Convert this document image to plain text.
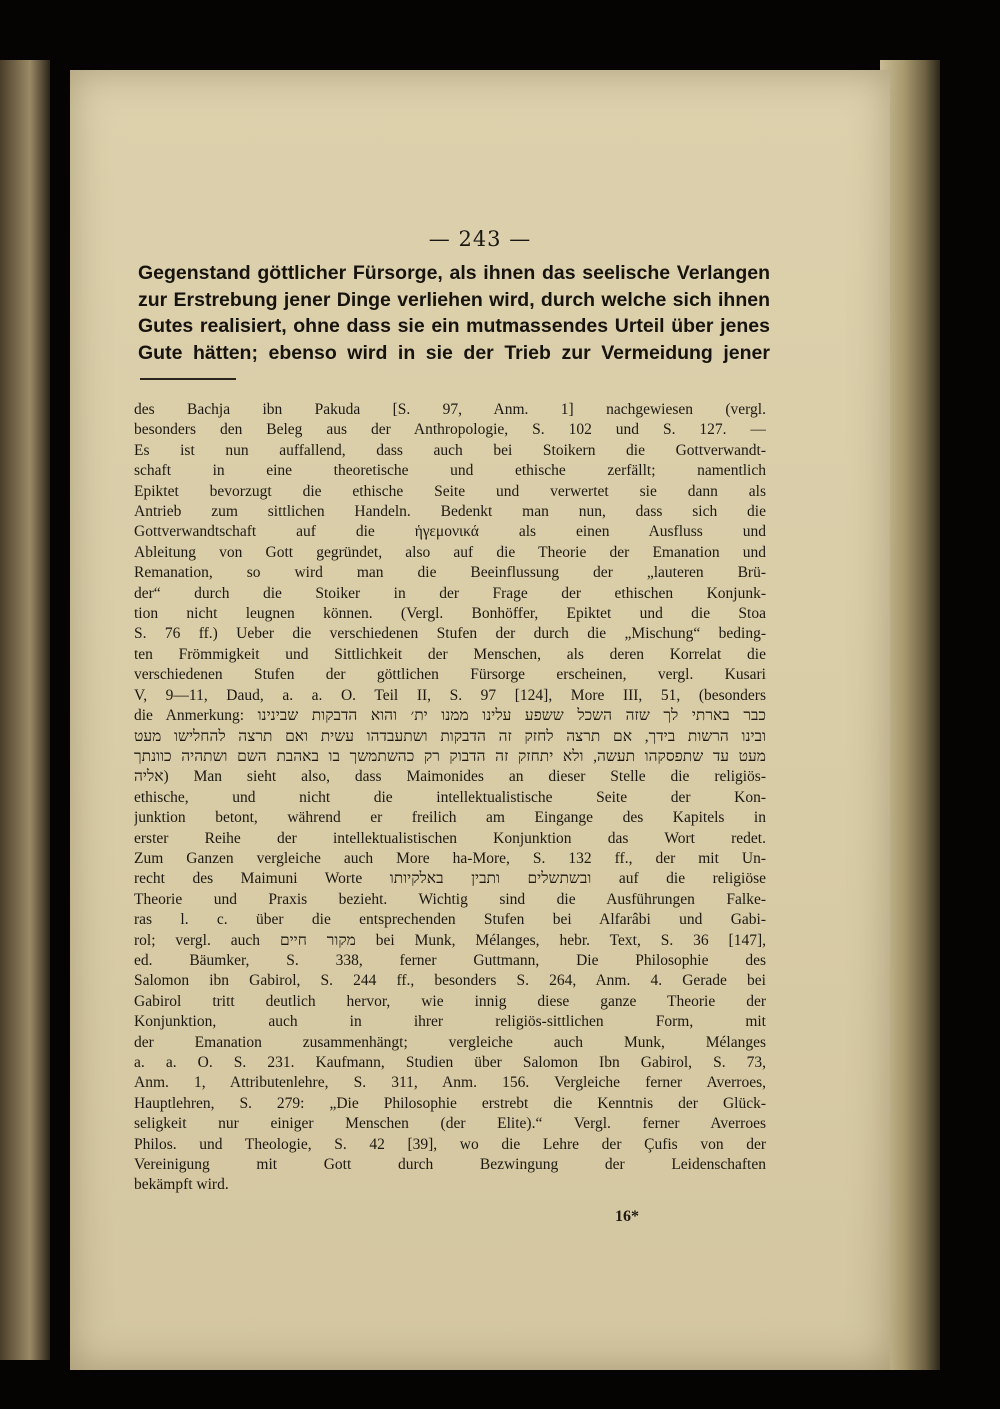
— 243 —
Gegenstand göttlicher Fürsorge, als ihnen das seelische Verlangen
zur Erstrebung jener Dinge verliehen wird, durch welche sich ihnen
Gutes realisiert, ohne dass sie ein mutmassendes Urteil über jenes
Gute hätten; ebenso wird in sie der Trieb zur Vermeidung jener
des Bachja ibn Pakuda [S. 97, Anm. 1] nachgewiesen (vergl.
besonders den Beleg aus der Anthropologie, S. 102 und S. 127. —
Es ist nun auffallend, dass auch bei Stoikern die Gottverwandt-
schaft in eine theoretische und ethische zerfällt; namentlich
Epiktet bevorzugt die ethische Seite und verwertet sie dann als
Antrieb zum sittlichen Handeln. Bedenkt man nun, dass sich die
Gottverwandtschaft auf die ἡγεμονικά als einen Ausfluss und
Ableitung von Gott gegründet, also auf die Theorie der Emanation und
Remanation, so wird man die Beeinflussung der „lauteren Brü-
der“ durch die Stoiker in der Frage der ethischen Konjunk-
tion nicht leugnen können. (Vergl. Bonhöffer, Epiktet und die Stoa
S. 76 ff.) Ueber die verschiedenen Stufen der durch die „Mischung“ beding-
ten Frömmigkeit und Sittlichkeit der Menschen, als deren Korrelat die
verschiedenen Stufen der göttlichen Fürsorge erscheinen, vergl. Kusari
V, 9—11, Daud, a. a. O. Teil II, S. 97 [124], More III, 51, (besonders
die Anmerkung: כבר בארתי לך שזה השכל ששפע עלינו ממנו ית׳ והוא הדבקות שבינינו
ובינו הרשות בידך, אם תרצה לחזק זה הדבקות ושתעבדהו עשית ואם תרצה להחלישו מעט
מעט עד שתפסקהו תעשה, ולא יתחזק זה הדבוק רק כהשתמשך בו באהבת השם ושתהיה כוונתך
אליה) Man sieht also, dass Maimonides an dieser Stelle die religiös-
ethische, und nicht die intellektualistische Seite der Kon-
junktion betont, während er freilich am Eingange des Kapitels in
erster Reihe der intellektualistischen Konjunktion das Wort redet.
Zum Ganzen vergleiche auch More ha-More, S. 132 ff., der mit Un-
recht des Maimuni Worte ובשתשלים ותבין באלקיותו auf die religiöse
Theorie und Praxis bezieht. Wichtig sind die Ausführungen Falke-
ras l. c. über die entsprechenden Stufen bei Alfarâbi und Gabi-
rol; vergl. auch מקור חיים bei Munk, Mélanges, hebr. Text, S. 36 [147],
ed. Bäumker, S. 338, ferner Guttmann, Die Philosophie des
Salomon ibn Gabirol, S. 244 ff., besonders S. 264, Anm. 4. Gerade bei
Gabirol tritt deutlich hervor, wie innig diese ganze Theorie der
Konjunktion, auch in ihrer religiös-sittlichen Form, mit
der Emanation zusammenhängt; vergleiche auch Munk, Mélanges
a. a. O. S. 231. Kaufmann, Studien über Salomon Ibn Gabirol, S. 73,
Anm. 1, Attributenlehre, S. 311, Anm. 156. Vergleiche ferner Averroes,
Hauptlehren, S. 279: „Die Philosophie erstrebt die Kenntnis der Glück-
seligkeit nur einiger Menschen (der Elite).“ Vergl. ferner Averroes
Philos. und Theologie, S. 42 [39], wo die Lehre der Çufis von der
Vereinigung mit Gott durch Bezwingung der Leidenschaften
bekämpft wird.
16*
